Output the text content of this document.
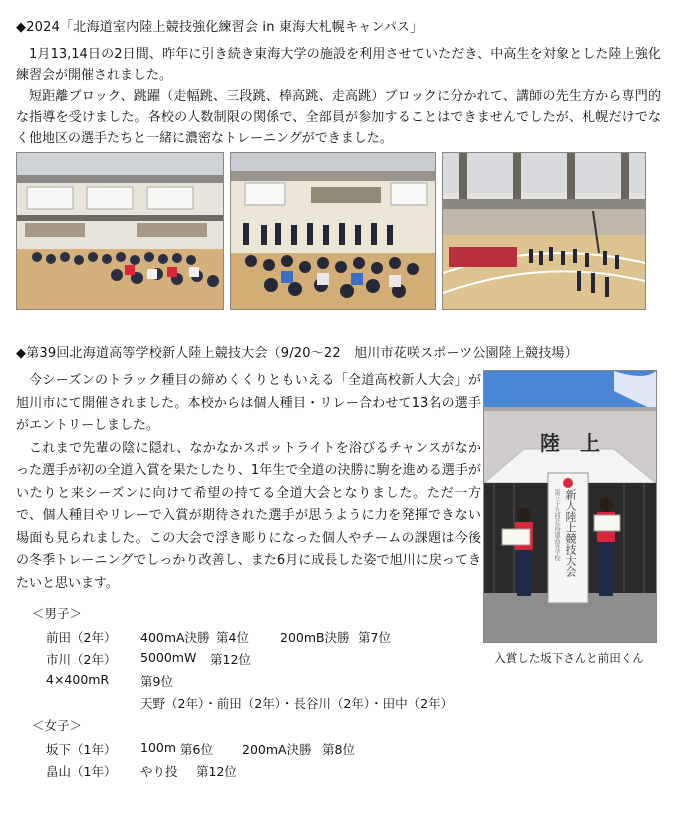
◆2024「北海道室内陸上競技強化練習会 in 東海大札幌キャンパス」

1月13,14日の2日間、昨年に引き続き東海大学の施設を利用させていただき、中高生を対象とした陸上強化練習会が開催されました。

短距離ブロック、跳躍（走幅跳、三段跳、棒高跳、走高跳）ブロックに分かれて、講師の先生方から専門的な指導を受けました。各校の人数制限の関係で、全部員が参加することはできませんでしたが、札幌だけでなく他地区の選手たちと一緒に濃密なトレーニングができました。

◆第39回北海道高等学校新人陸上競技大会（9/20～22　旭川市花咲スポーツ公園陸上競技場）

今シーズンのトラック種目の締めくくりともいえる「全道高校新人大会」が旭川市にて開催されました。本校からは個人種目・リレー合わせて13名の選手がエントリーしました。

これまで先輩の陰に隠れ、なかなかスポットライトを浴びるチャンスがなかった選手が初の全道入賞を果たしたり、1年生で全道の決勝に駒を進める選手がいたりと来シーズンに向けて希望の持てる全道大会となりました。ただ一方で、個人種目やリレーで入賞が期待された選手が思うように力を発揮できない場面も見られました。この大会で浮き彫りになった個人やチームの課題は今後の冬季トレーニングでしっかり改善し、また6月に成長した姿で旭川に戻ってきたいと思います。

陸　上
新人陸上競技大会
第三十九回北海道高等学校
入賞した坂下さんと前田くん
＜男子＞
前田（2年）	400mA決勝 第4位 200mB決勝 第7位
市川（2年） 5000mW 第12位
4×400mR 第9位
天野（2年）・前田（2年）・長谷川（2年）・田中（2年）
＜女子＞
坂下（1年） 100m 第6位 200mA決勝 第8位
畠山（1年） やり投 第12位
